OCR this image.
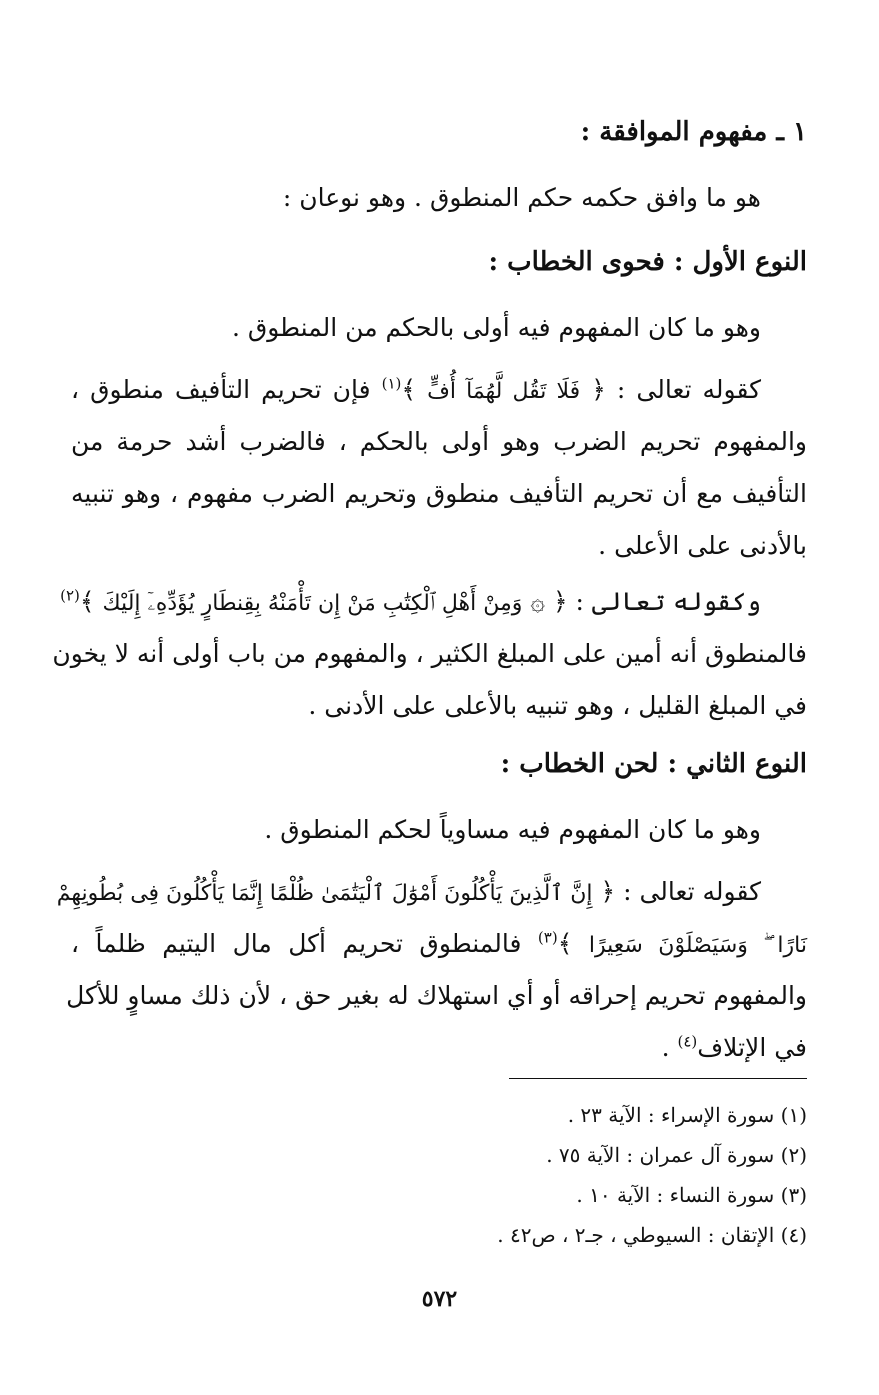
١ ـ مفهوم الموافقة :
هو ما وافق حكمه حكم المنطوق . وهو نوعان :
النوع الأول : فحوى الخطاب :
وهو ما كان المفهوم فيه أولى بالحكم من المنطوق .
كقوله تعالى : ﴿ فَلَا تَقُل لَّهُمَآ أُفٍّ ﴾$^{(١)}$ فإن تحريم التأفيف منطوق ،
والمفهوم تحريم الضرب وهو أولى بالحكم ، فالضرب أشد حرمة من
التأفيف مع أن تحريم التأفيف منطوق وتحريم الضرب مفهوم ، وهو تنبيه
بالأدنى على الأعلى .
وكقوله تعالى : ﴿ ۞ وَمِنْ أَهْلِ ٱلْكِتَٰبِ مَنْ إِن تَأْمَنْهُ بِقِنطَارٍ يُؤَدِّهِۦٓ إِلَيْكَ ﴾$^{(٢)}$
فالمنطوق أنه أمين على المبلغ الكثير ، والمفهوم من باب أولى أنه لا يخون
في المبلغ القليل ، وهو تنبيه بالأعلى على الأدنى .
النوع الثاني : لحن الخطاب :
وهو ما كان المفهوم فيه مساوياً لحكم المنطوق .
كقوله تعالى : ﴿ إِنَّ ٱلَّذِينَ يَأْكُلُونَ أَمْوَٰلَ ٱلْيَتَٰمَىٰ ظُلْمًا إِنَّمَا يَأْكُلُونَ فِى بُطُونِهِمْ
نَارًا ۖ وَسَيَصْلَوْنَ سَعِيرًا ﴾$^{(٣)}$ فالمنطوق تحريم أكل مال اليتيم ظلماً ،
والمفهوم تحريم إحراقه أو أي استهلاك له بغير حق ، لأن ذلك مساوٍ للأكل
في الإتلاف$^{(٤)}$ .
(١) سورة الإسراء : الآية ٢٣ .
(٢) سورة آل عمران : الآية ٧٥ .
(٣) سورة النساء : الآية ١٠ .
(٤) الإتقان : السيوطي ، جـ٢ ، ص٤٢ .
٥٧٢
